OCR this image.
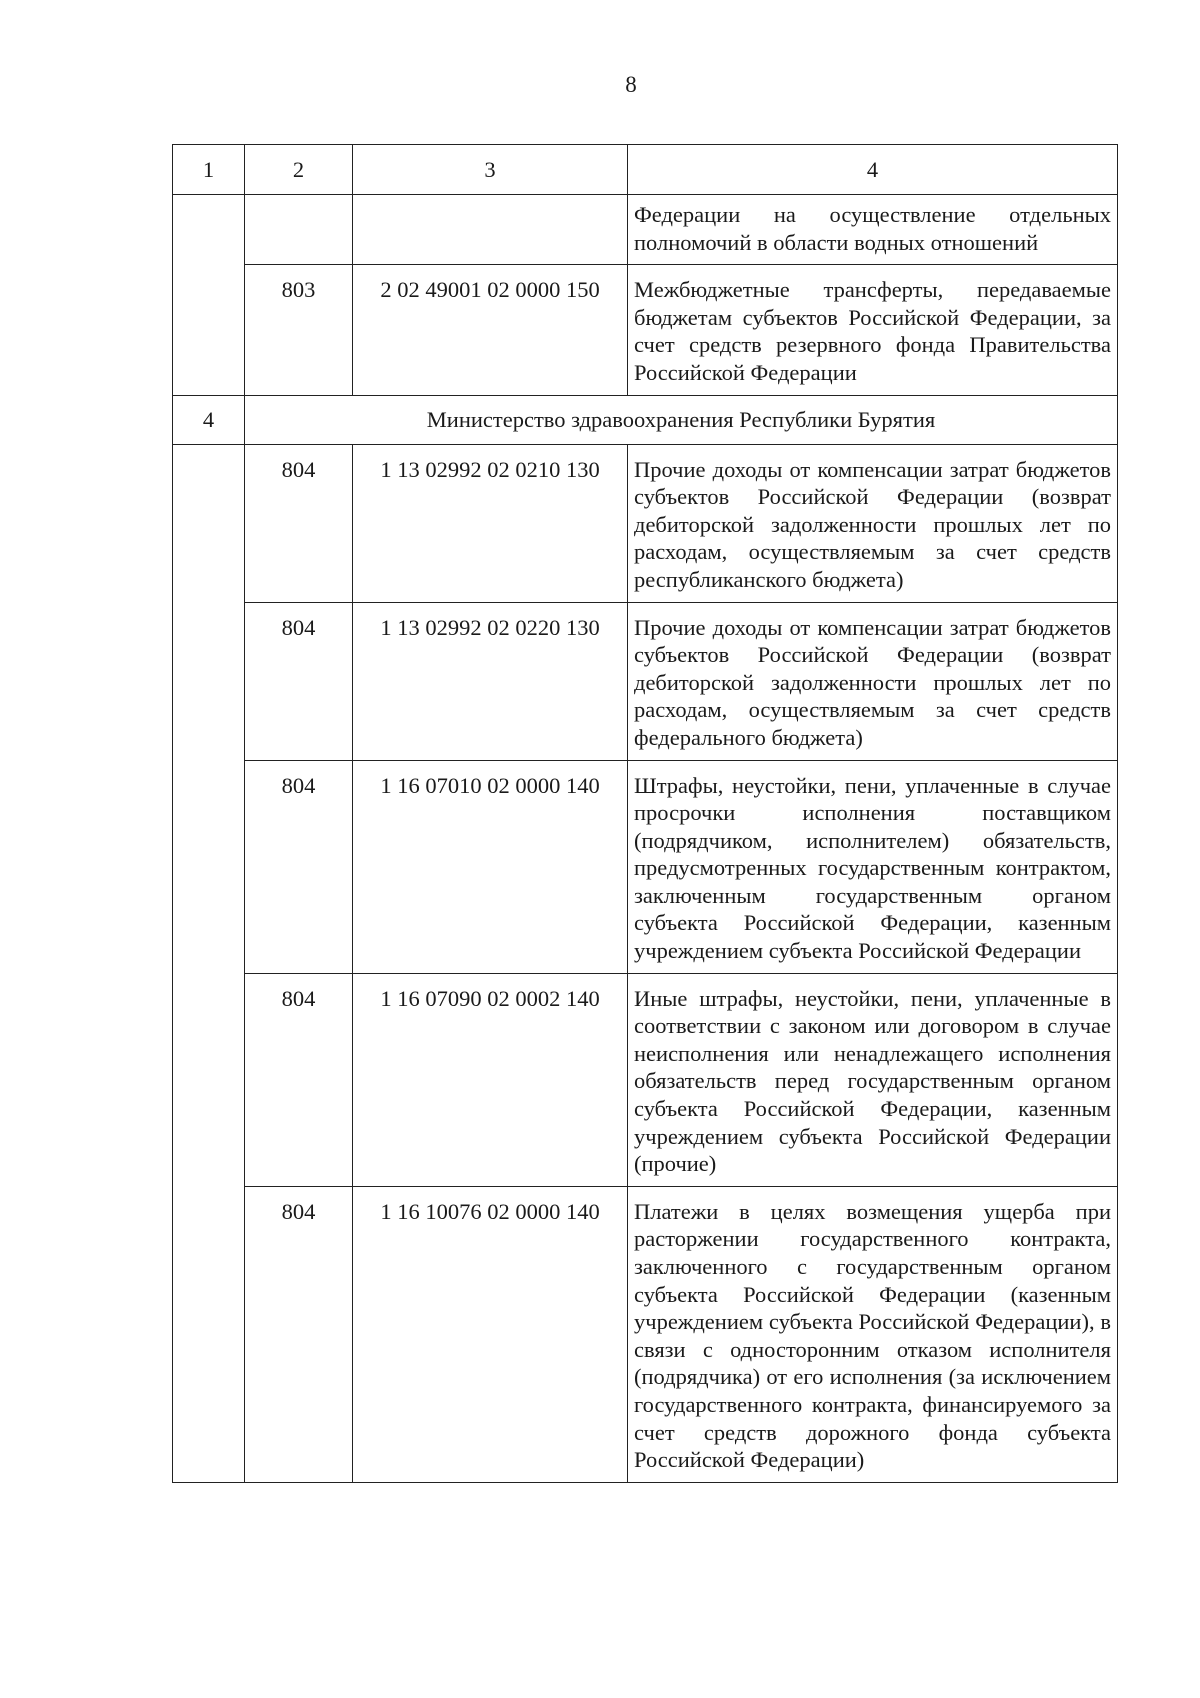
8
1	2	3	4
			Федерации на осуществление отдельных полномочий в области водных отношений
	803	2 02 49001 02 0000 150	Межбюджетные трансферты, передаваемые бюджетам субъектов Российской Федерации, за счет средств резервного фонда Правительства Российской Федерации
4	Министерство здравоохранения Республики Бурятия		
	804	1 13 02992 02 0210 130	Прочие доходы от компенсации затрат бюджетов субъектов Российской Федерации (возврат дебиторской задолженности прошлых лет по расходам, осуществляемым за счет средств республиканского бюджета)
	804	1 13 02992 02 0220 130	Прочие доходы от компенсации затрат бюджетов субъектов Российской Федерации (возврат дебиторской задолженности прошлых лет по расходам, осуществляемым за счет средств федерального бюджета)
	804	1 16 07010 02 0000 140	Штрафы, неустойки, пени, уплаченные в случае просрочки исполнения поставщиком (подрядчиком, исполнителем) обязательств, предусмотренных государственным контрактом, заключенным государственным органом субъекта Российской Федерации, казенным учреждением субъекта Российской Федерации
	804	1 16 07090 02 0002 140	Иные штрафы, неустойки, пени, уплаченные в соответствии с законом или договором в случае неисполнения или ненадлежащего исполнения обязательств перед государственным органом субъекта Российской Федерации, казенным учреждением субъекта Российской Федерации (прочие)
	804	1 16 10076 02 0000 140	Платежи в целях возмещения ущерба при расторжении государственного контракта, заключенного с государственным органом субъекта Российской Федерации (казенным учреждением субъекта Российской Федерации), в связи с односторонним отказом исполнителя (подрядчика) от его исполнения (за исключением государственного контракта, финансируемого за счет средств дорожного фонда субъекта Российской Федерации)
